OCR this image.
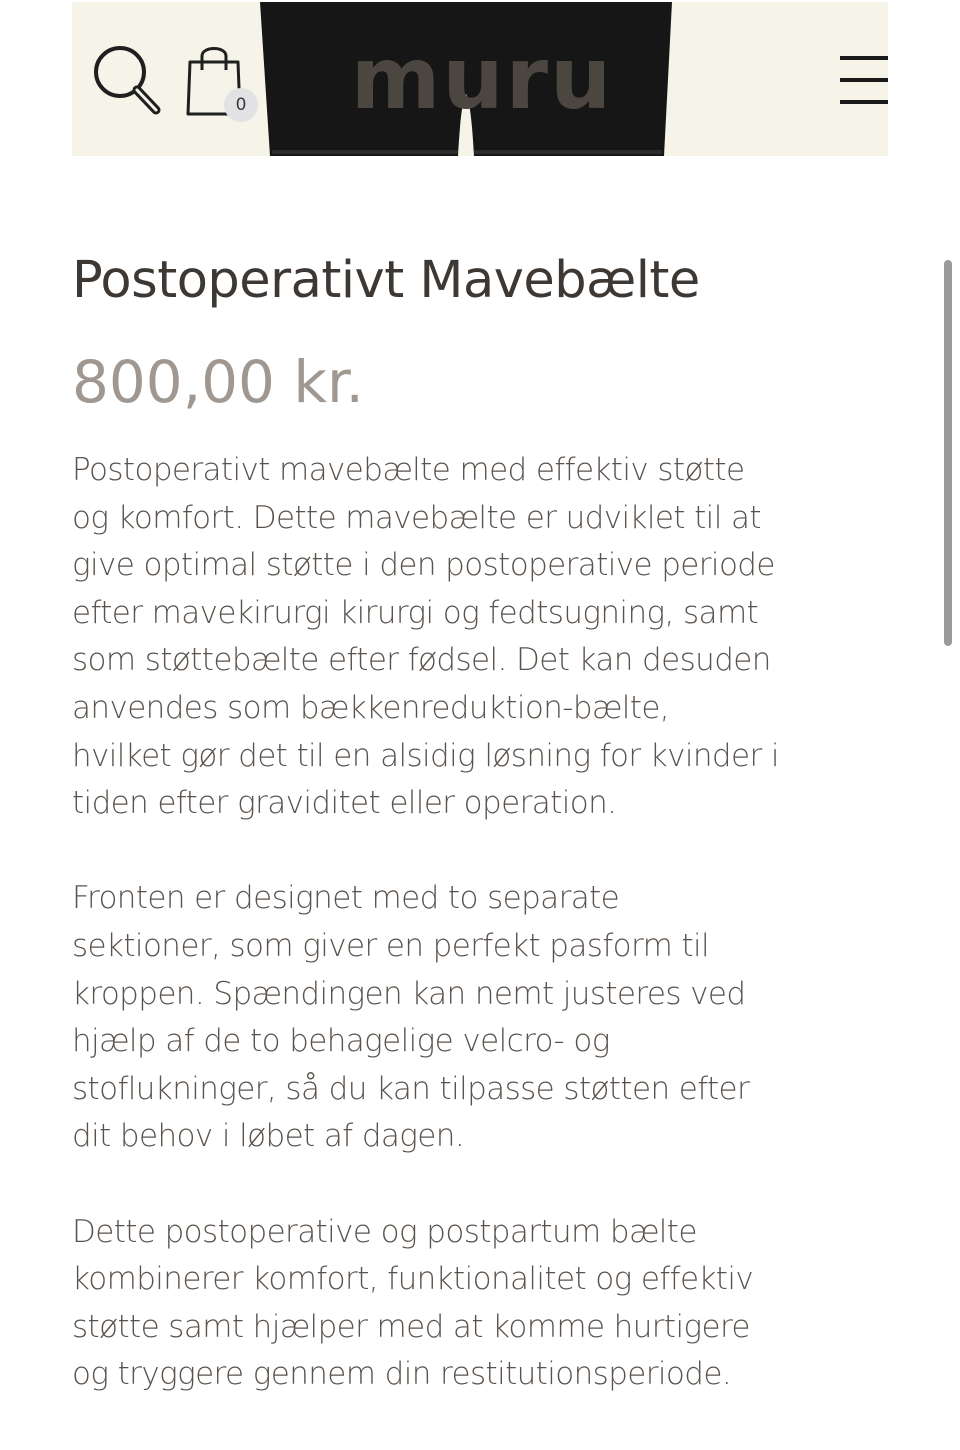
muru
0
Postoperativt Mavebælte
800,00 kr.

Postoperativt mavebælte med effektiv støtte
og komfort. Dette mavebælte er udviklet til at
give optimal støtte i den postoperative periode
efter mavekirurgi kirurgi og fedtsugning, samt
som støttebælte efter fødsel. Det kan desuden
anvendes som bækkenreduktion-bælte,
hvilket gør det til en alsidig løsning for kvinder i
tiden efter graviditet eller operation.

Fronten er designet med to separate
sektioner, som giver en perfekt pasform til
kroppen. Spændingen kan nemt justeres ved
hjælp af de to behagelige velcro- og
stoflukninger, så du kan tilpasse støtten efter
dit behov i løbet af dagen.

Dette postoperative og postpartum bælte
kombinerer komfort, funktionalitet og effektiv
støtte samt hjælper med at komme hurtigere
og tryggere gennem din restitutionsperiode.
